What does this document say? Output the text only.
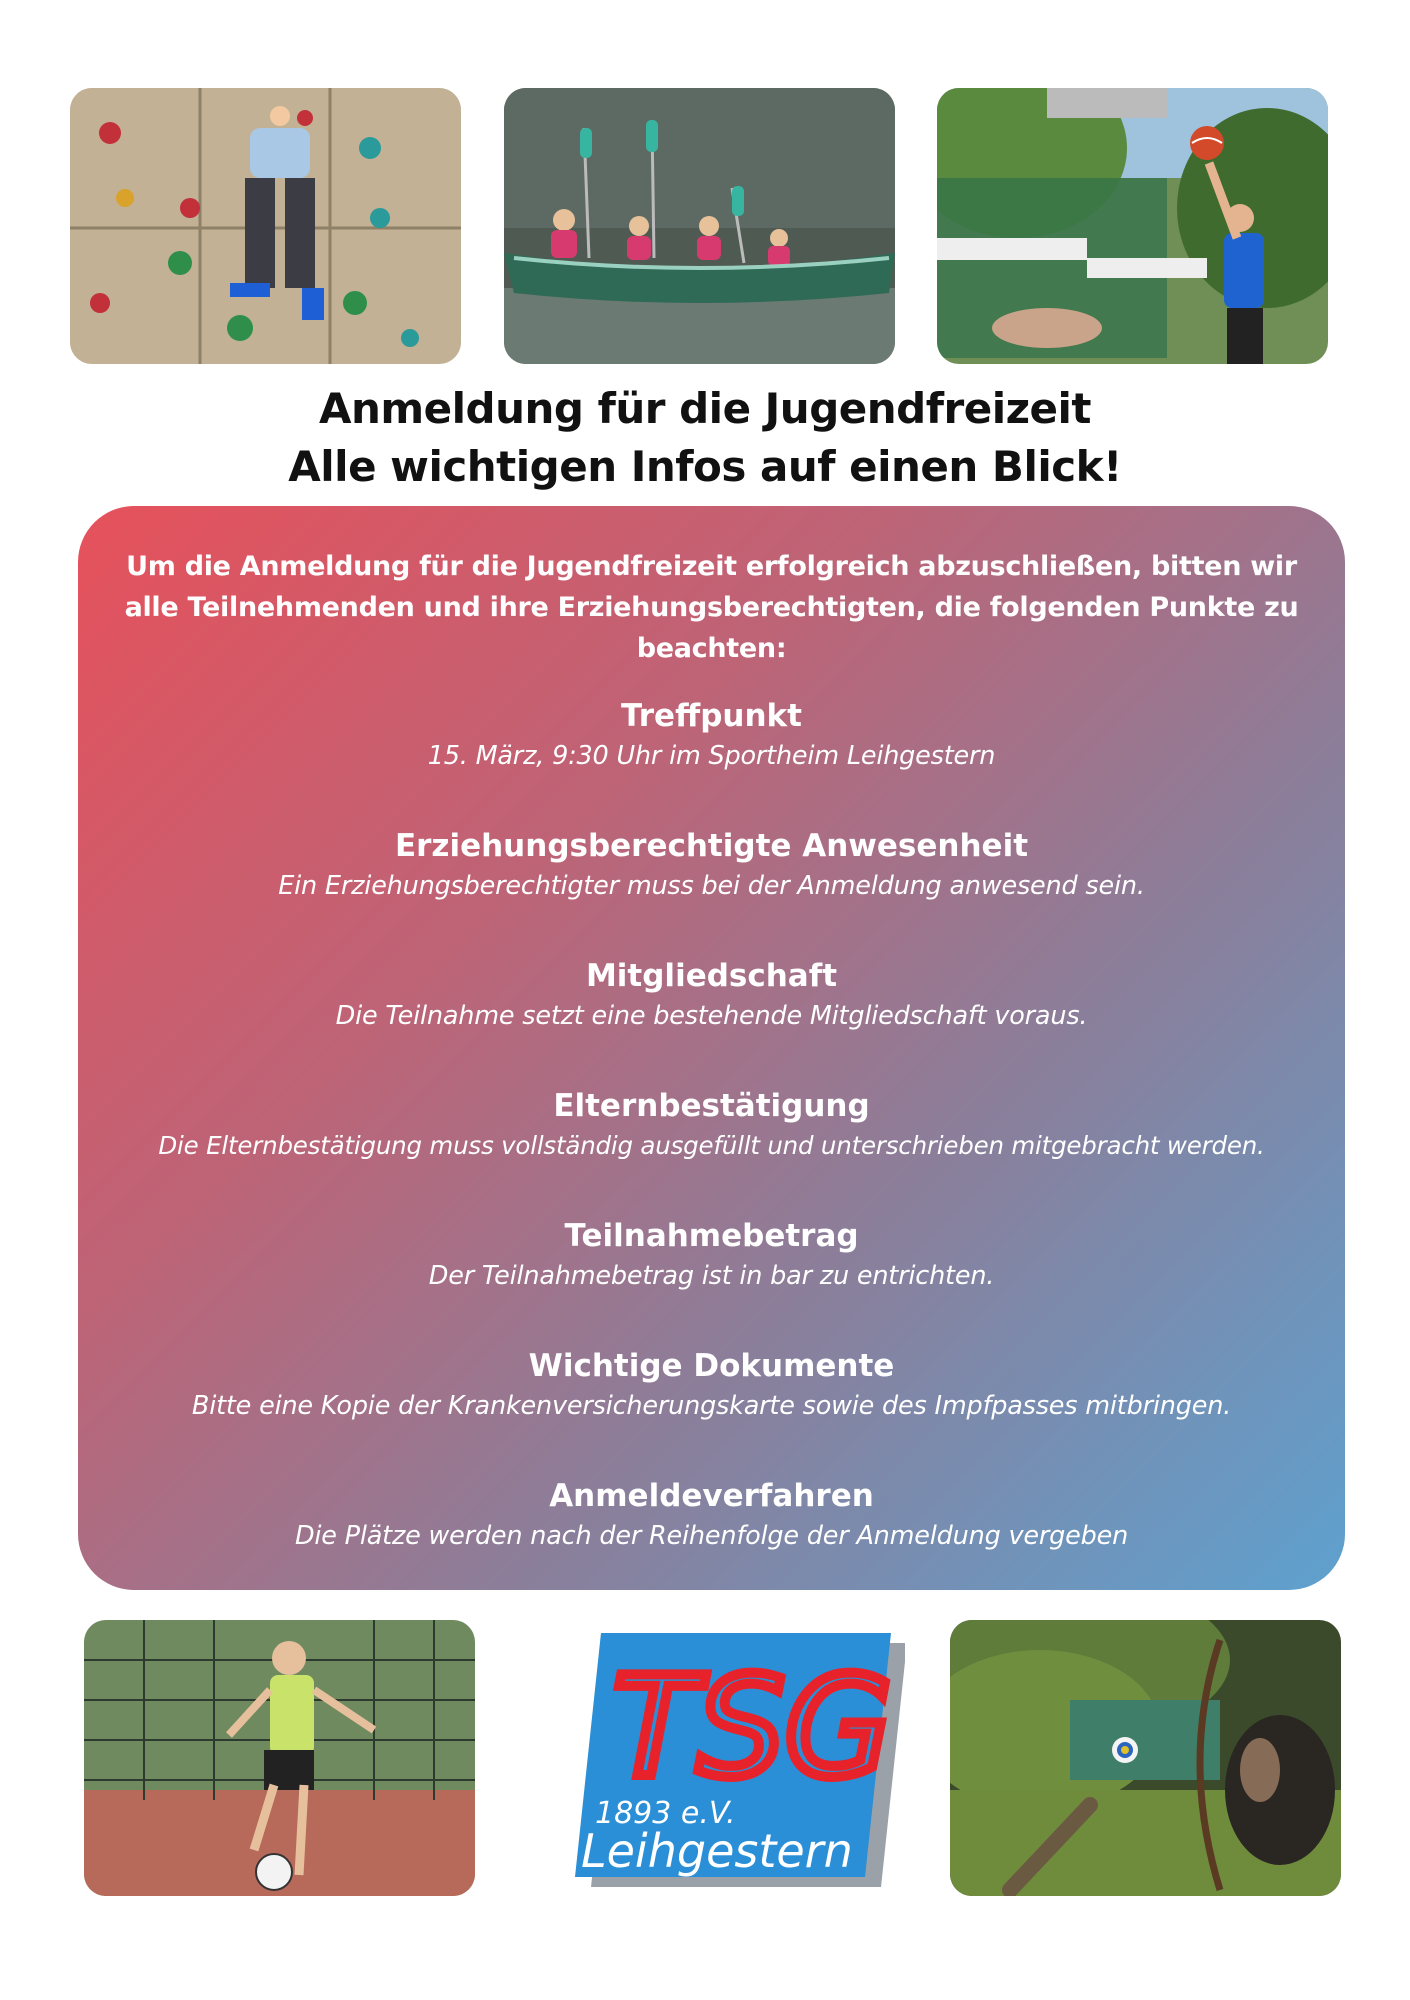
Anmeldung für die Jugendfreizeit
Alle wichtigen Infos auf einen Blick!
Um die Anmeldung für die Jugendfreizeit erfolgreich abzuschließen, bitten wir alle Teilnehmenden und ihre Erziehungsberechtigten, die folgenden Punkte zu beachten:
Treffpunkt
15. März, 9:30 Uhr im Sportheim Leihgestern
Erziehungsberechtigte Anwesenheit
Ein Erziehungsberechtigter muss bei der Anmeldung anwesend sein.
Mitgliedschaft
Die Teilnahme setzt eine bestehende Mitgliedschaft voraus.
Elternbestätigung
Die Elternbestätigung muss vollständig ausgefüllt und unterschrieben mitgebracht werden.
Teilnahmebetrag
Der Teilnahmebetrag ist in bar zu entrichten.
Wichtige Dokumente
Bitte eine Kopie der Krankenversicherungskarte sowie des Impfpasses mitbringen.
Anmeldeverfahren
Die Plätze werden nach der Reihenfolge der Anmeldung vergeben
TSG
1893 e.V.
Leihgestern
